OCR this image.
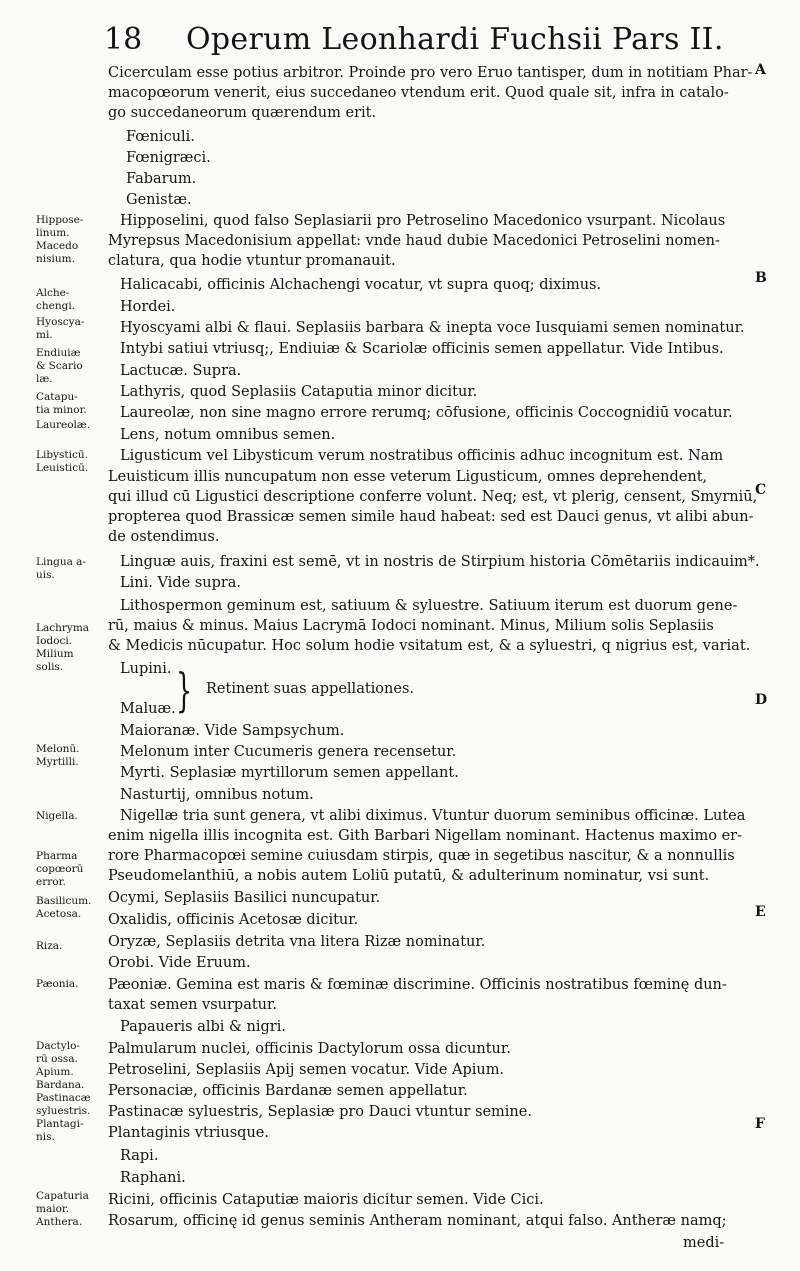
18 Operum Leonhardi Fuchsii Pars II.
Cicerculam esse potius arbitror. Proinde pro vero Eruo tantisper, dum in notitiam Phar-
macopœorum venerit, eius succedaneo vtendum erit. Quod quale sit, infra in catalo-
go succedaneorum quærendum erit.
Fœniculi.
Fœnigræci.
Fabarum.
Genistæ.
Hipposelini, quod falso Seplasiarii pro Petroselino Macedonico vsurpant. Nicolaus
Myrepsus Macedonisium appellat: vnde haud dubie Macedonici Petroselini nomen-
clatura, qua hodie vtuntur promanauit.
Halicacabi, officinis Alchachengi vocatur, vt supra quoq; diximus.
Hordei.
Hyoscyami albi & flaui. Seplasiis barbara & inepta voce Iusquiami semen nominatur.
Intybi satiui vtriusq;, Endiuiæ & Scariolæ officinis semen appellatur. Vide Intibus.
Lactucæ. Supra.
Lathyris, quod Seplasiis Cataputia minor dicitur.
Laureolæ, non sine magno errore rerumq; cōfusione, officinis Coccognidiū vocatur.
Lens, notum omnibus semen.
Ligusticum vel Libysticum verum nostratibus officinis adhuc incognitum est. Nam
Leuisticum illis nuncupatum non esse veterum Ligusticum, omnes deprehendent,
qui illud cū Ligustici descriptione conferre volunt. Neq; est, vt plerig, censent, Smyrniū,
propterea quod Brassicæ semen simile haud habeat: sed est Dauci genus, vt alibi abun-
de ostendimus.
Linguæ auis, fraxini est semē, vt in nostris de Stirpium historia Cōmētariis indicauim*.
Lini. Vide supra.
Lithospermon geminum est, satiuum & syluestre. Satiuum iterum est duorum gene-
rū, maius & minus. Maius Lacrymā Iodoci nominant. Minus, Milium solis Seplasiis
& Medicis nūcupatur. Hoc solum hodie vsitatum est, & a syluestri, q nigrius est, variat.
Lupini.
Maluæ.
Maioranæ. Vide Sampsychum.
Melonum inter Cucumeris genera recensetur.
Myrti. Seplasiæ myrtillorum semen appellant.
Nasturtij, omnibus notum.
Nigellæ tria sunt genera, vt alibi diximus. Vtuntur duorum seminibus officinæ. Lutea
enim nigella illis incognita est. Gith Barbari Nigellam nominant. Hactenus maximo er-
rore Pharmacopœi semine cuiusdam stirpis, quæ in segetibus nascitur, & a nonnullis
Pseudomelanthiū, a nobis autem Loliū putatū, & adulterinum nominatur, vsi sunt.
Ocymi, Seplasiis Basilici nuncupatur.
Oxalidis, officinis Acetosæ dicitur.
Oryzæ, Seplasiis detrita vna litera Rizæ nominatur.
Orobi. Vide Eruum.
Pæoniæ. Gemina est maris & fœminæ discrimine. Officinis nostratibus fœminę dun-
taxat semen vsurpatur.
Papaueris albi & nigri.
Palmularum nuclei, officinis Dactylorum ossa dicuntur.
Petroselini, Seplasiis Apij semen vocatur. Vide Apium.
Personaciæ, officinis Bardanæ semen appellatur.
Pastinacæ syluestris, Seplasiæ pro Dauci vtuntur semine.
Plantaginis vtriusque.
Rapi.
Raphani.
Ricini, officinis Cataputiæ maioris dicitur semen. Vide Cici.
Rosarum, officinę id genus seminis Antheram nominant, atqui falso. Antheræ namq;
} Retinent suas appellationes.
medi-
Hippose-
linum.
Macedo
nisium.
Alche-
chengi.
Hyoscya-
mi.
Endiuiæ
& Scario
læ.
Catapu-
tia minor.
Laureolæ.
Libysticū.
Leuisticū.
Lingua a-
uis.
Lachryma
Iodoci.
Milium
solis.
Melonū.
Myrtilli.
Nigella.
Pharma
copœorū
error.
Basilicum.
Acetosa.
Riza.
Pæonia.
Dactylo-
rū ossa.
Apium.
Bardana.
Pastinacæ
syluestris.
Plantagi-
nis.
Capaturia
maior.
Anthera.
A
B
C
D
E
F
